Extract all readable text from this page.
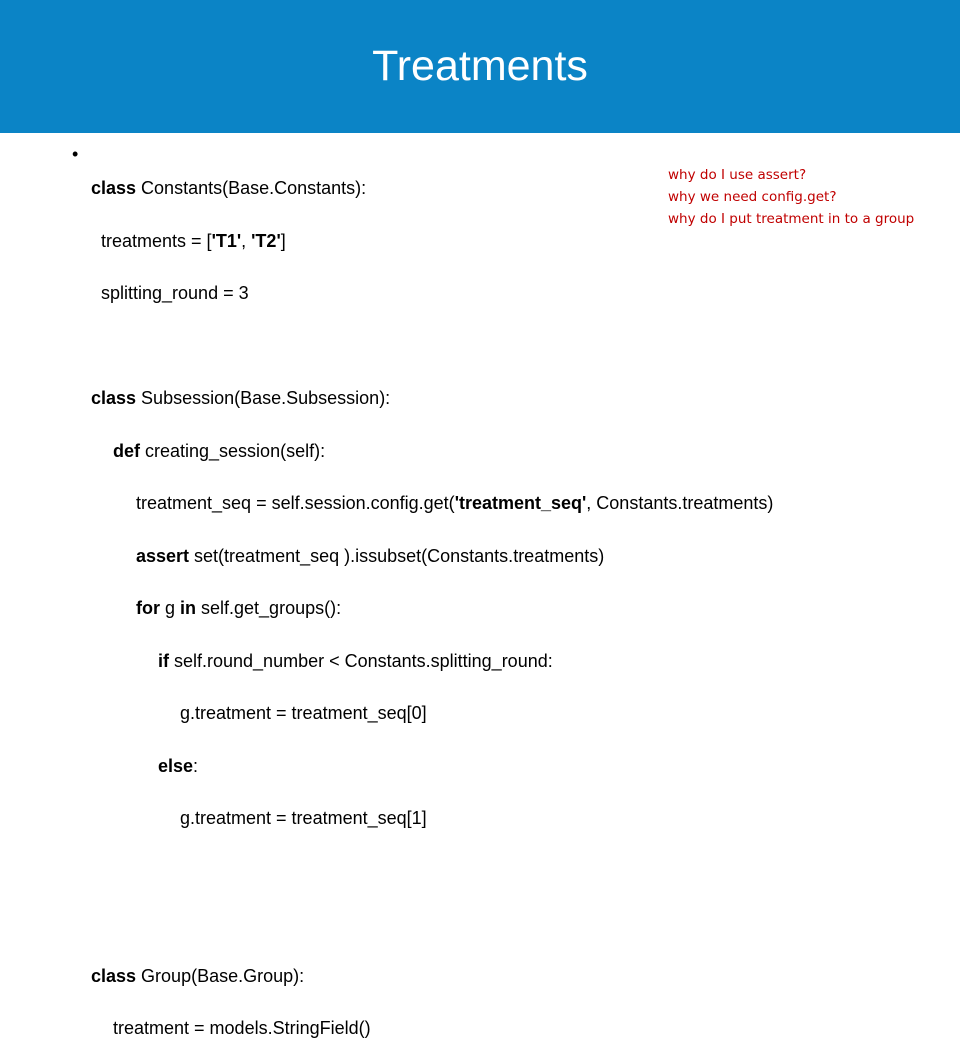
Treatments
•

class Constants(Base.Constants):

treatments = ['T1', 'T2']

splitting_round = 3

class Subsession(Base.Subsession):

def creating_session(self):

treatment_seq = self.session.config.get('treatment_seq', Constants.treatments)

assert set(treatment_seq ).issubset(Constants.treatments)

for g in self.get_groups():

if self.round_number < Constants.splitting_round:

g.treatment = treatment_seq[0]

else:

g.treatment = treatment_seq[1]

class Group(Base.Group):

treatment = models.StringField()

why do I use assert?
why we need config.get?
why do I put treatment in to a group
